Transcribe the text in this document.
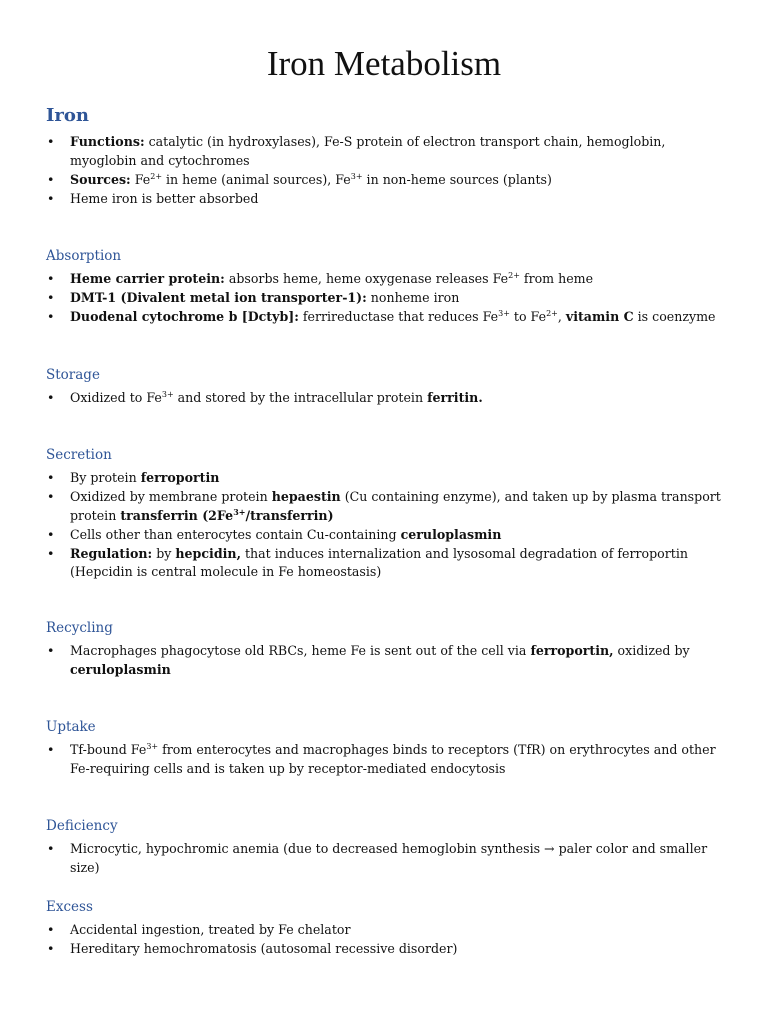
Iron Metabolism
Iron
• Functions: catalytic (in hydroxylases), Fe-S protein of electron transport chain, hemoglobin, myoglobin and cytochromes
• Sources: $Fe^{2+}$ in heme (animal sources), $Fe^{3+}$ in non-heme sources (plants)
• Heme iron is better absorbed
Absorption
• Heme carrier protein: absorbs heme, heme oxygenase releases $Fe^{2+}$ from heme
• DMT-1 (Divalent metal ion transporter-1): nonheme iron
• Duodenal cytochrome b [Dctyb]: ferrireductase that reduces $Fe^{3+}$ to $Fe^{2+}$, vitamin C is coenzyme
Storage
• Oxidized to $Fe^{3+}$ and stored by the intracellular protein ferritin.
Secretion
• By protein ferroportin
• Oxidized by membrane protein hepaestin (Cu containing enzyme), and taken up by plasma transport protein transferrin $(2Fe^{3+}/transferrin)$
• Cells other than enterocytes contain Cu-containing ceruloplasmin
• Regulation: by hepcidin, that induces internalization and lysosomal degradation of ferroportin (Hepcidin is central molecule in Fe homeostasis)
Recycling
• Macrophages phagocytose old RBCs, heme Fe is sent out of the cell via ferroportin, oxidized by ceruloplasmin
Uptake
• Tf-bound $Fe^{3+}$ from enterocytes and macrophages binds to receptors (TfR) on erythrocytes and other Fe-requiring cells and is taken up by receptor-mediated endocytosis
Deficiency
• Microcytic, hypochromic anemia (due to decreased hemoglobin synthesis → paler color and smaller size)
Excess
• Accidental ingestion, treated by Fe chelator
• Hereditary hemochromatosis (autosomal recessive disorder)
